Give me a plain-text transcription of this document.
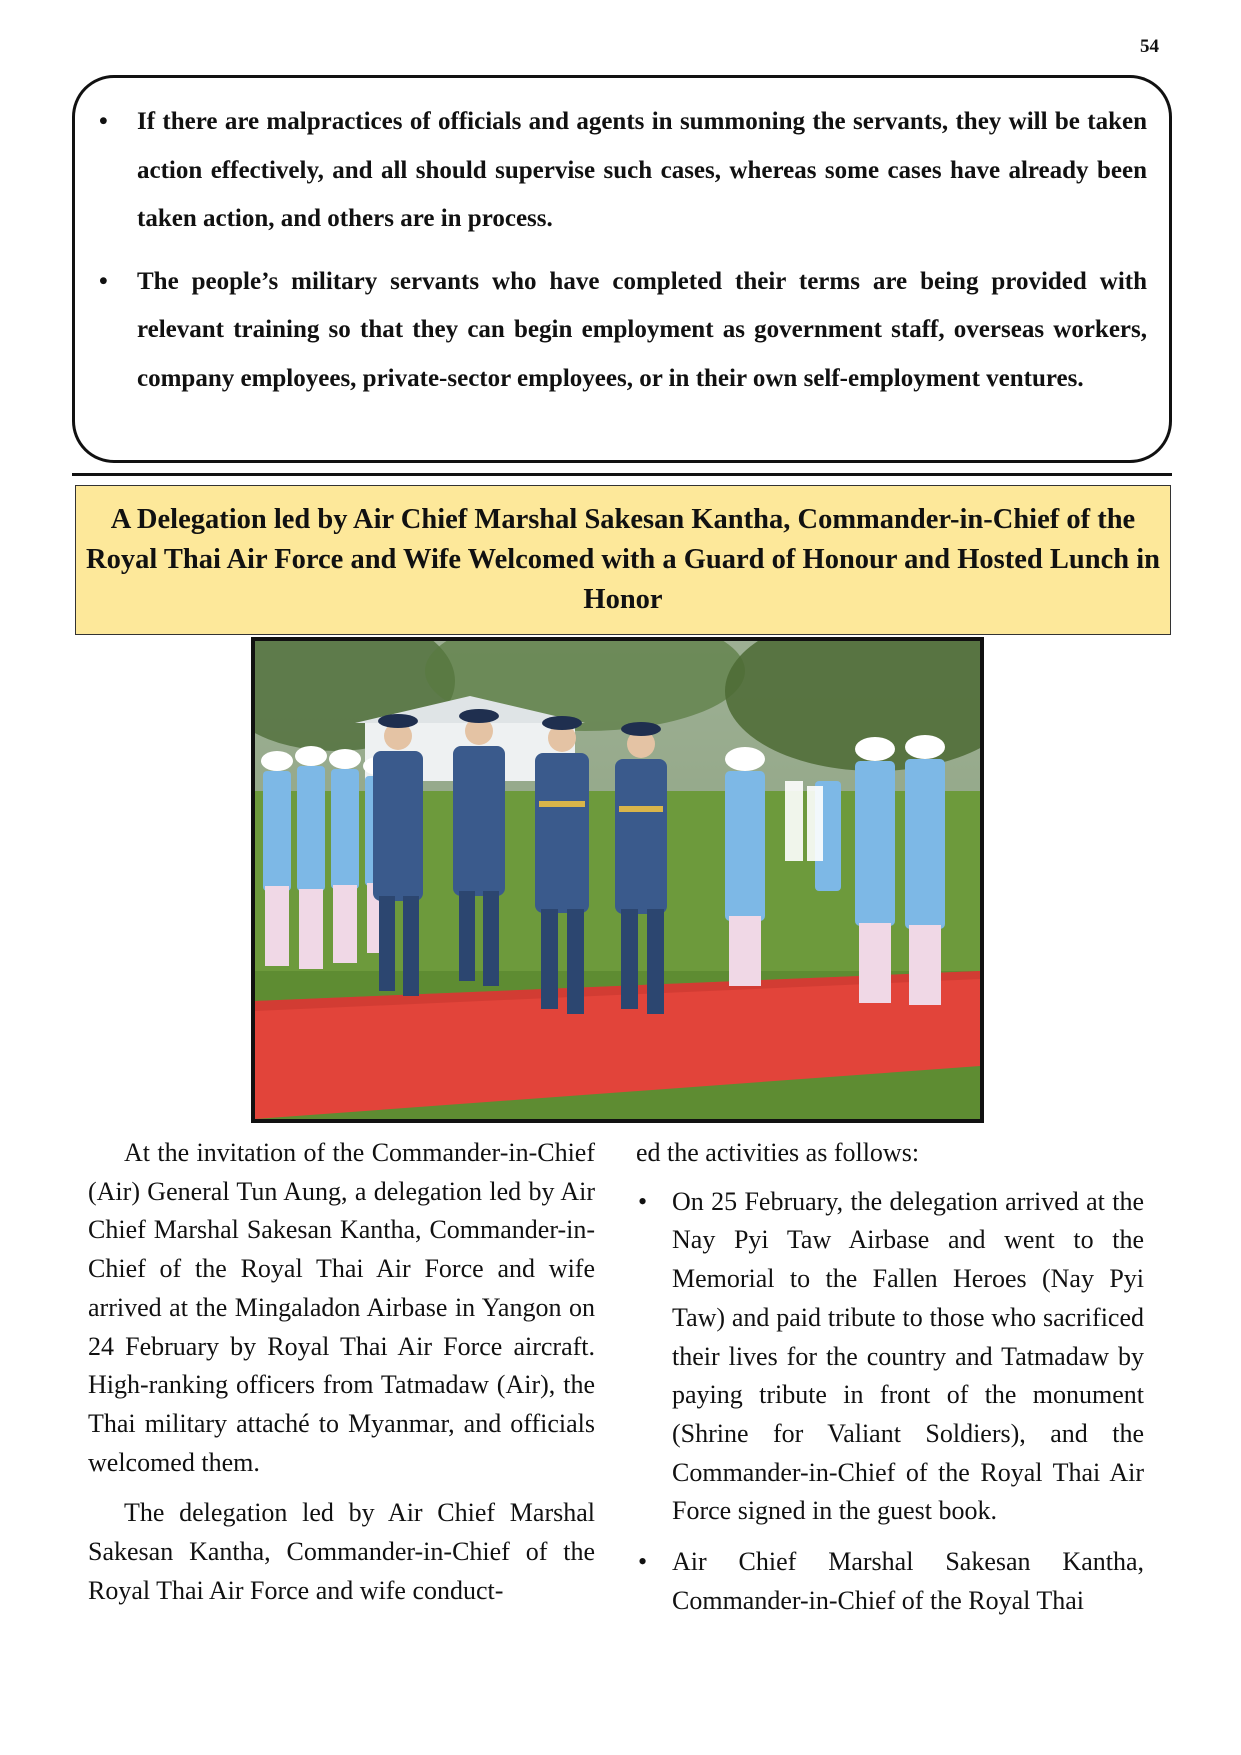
54
• If there are malpractices of officials and agents in summoning the servants, they will be taken action effectively, and all should supervise such cases, whereas some cases have already been taken action, and others are in process.
• The people’s military servants who have completed their terms are being provided with relevant training so that they can begin employment as government staff, overseas workers, company employees, private-sector employees, or in their own self-employment ventures.
A Delegation led by Air Chief Marshal Sakesan Kantha, Commander-in-Chief of the Royal Thai Air Force and Wife Welcomed with a Guard of Honour and Hosted Lunch in Honor

At the invitation of the Commander-in-Chief (Air) General Tun Aung, a delegation led by Air Chief Marshal Sakesan Kantha, Commander-in-Chief of the Royal Thai Air Force and wife arrived at the Mingaladon Airbase in Yangon on 24 February by Royal Thai Air Force aircraft. High-ranking officers from Tatmadaw (Air), the Thai military attaché to Myanmar, and officials welcomed them.

The delegation led by Air Chief Marshal Sakesan Kantha, Commander-in-Chief of the Royal Thai Air Force and wife conduct-

ed the activities as follows:

• On 25 February, the delegation arrived at the Nay Pyi Taw Airbase and went to the Memorial to the Fallen Heroes (Nay Pyi Taw) and paid tribute to those who sacrificed their lives for the country and Tatmadaw by paying tribute in front of the monument (Shrine for Valiant Soldiers), and the Commander-in-Chief of the Royal Thai Air Force signed in the guest book.
• Air Chief Marshal Sakesan Kantha, Commander-in-Chief of the Royal Thai
